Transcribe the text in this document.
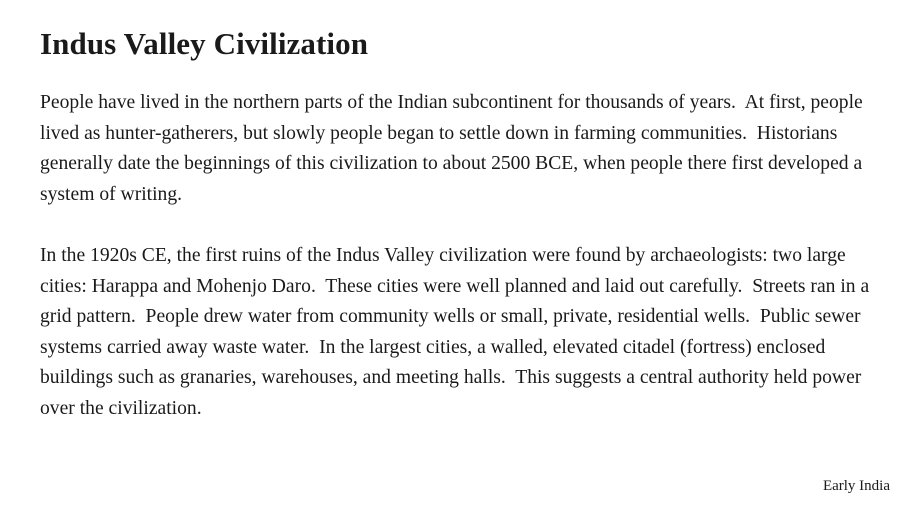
Indus Valley Civilization

People have lived in the northern parts of the Indian subcontinent for thousands of years.  At first, people lived as hunter-gatherers, but slowly people began to settle down in farming communities.  Historians generally date the beginnings of this civilization to about 2500 BCE, when people there first developed a system of writing.

In the 1920s CE, the first ruins of the Indus Valley civilization were found by archaeologists: two large cities: Harappa and Mohenjo Daro.  These cities were well planned and laid out carefully.  Streets ran in a grid pattern.  People drew water from community wells or small, private, residential wells.  Public sewer systems carried away waste water.  In the largest cities, a walled, elevated citadel (fortress) enclosed buildings such as granaries, warehouses, and meeting halls.  This suggests a central authority held power over the civilization.

Early India
